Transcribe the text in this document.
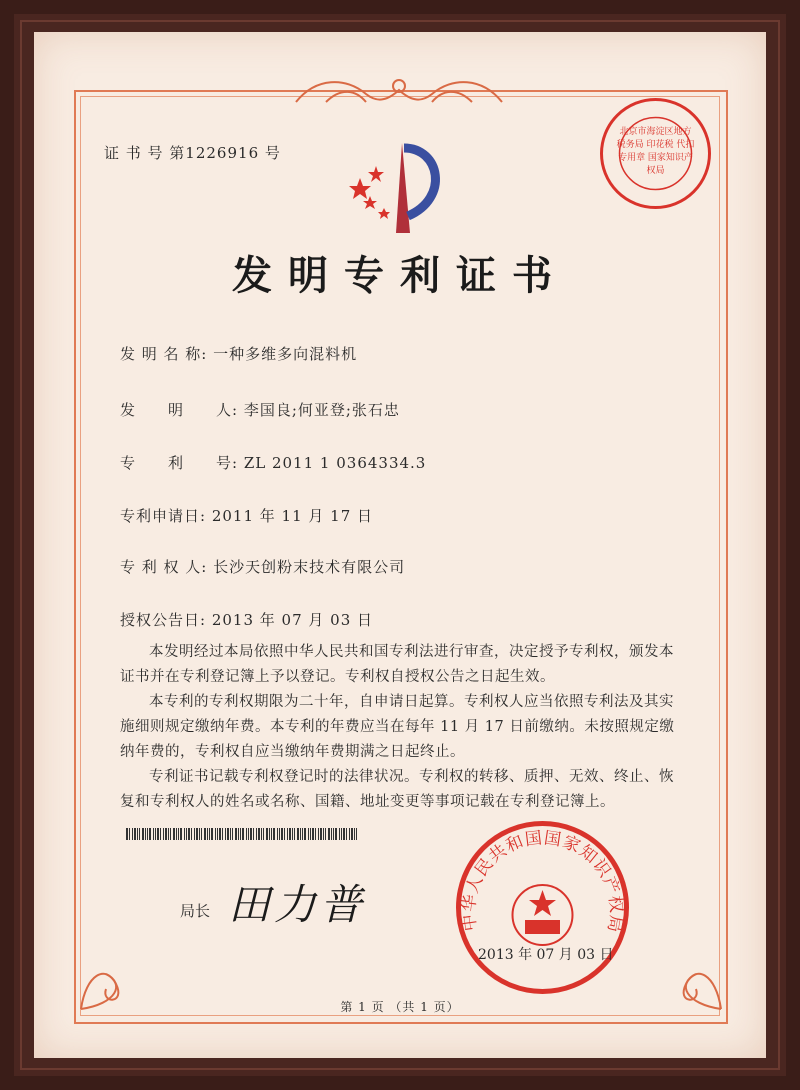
证 书 号 第1226916 号
发明专利证书
发 明 名 称: 一种多维多向混料机
发　　明　　人: 李国良;何亚登;张石忠
专　　利　　号: ZL 2011 1 0364334.3
专利申请日: 2011 年 11 月 17 日
专 利 权 人: 长沙天创粉末技术有限公司
授权公告日: 2013 年 07 月 03 日

本发明经过本局依照中华人民共和国专利法进行审查，决定授予专利权，颁发本证书并在专利登记簿上予以登记。专利权自授权公告之日起生效。

本专利的专利权期限为二十年，自申请日起算。专利权人应当依照专利法及其实施细则规定缴纳年费。本专利的年费应当在每年 11 月 17 日前缴纳。未按照规定缴纳年费的，专利权自应当缴纳年费期满之日起终止。

专利证书记载专利权登记时的法律状况。专利权的转移、质押、无效、终止、恢复和专利权人的姓名或名称、国籍、地址变更等事项记载在专利登记簿上。

局长 田力普	中华人民共和国国家知识产权局
2013 年 07 月 03 日
北京市海淀区地方税务局 印花税 代扣专用章 国家知识产权局
第 1 页 （共 1 页）
